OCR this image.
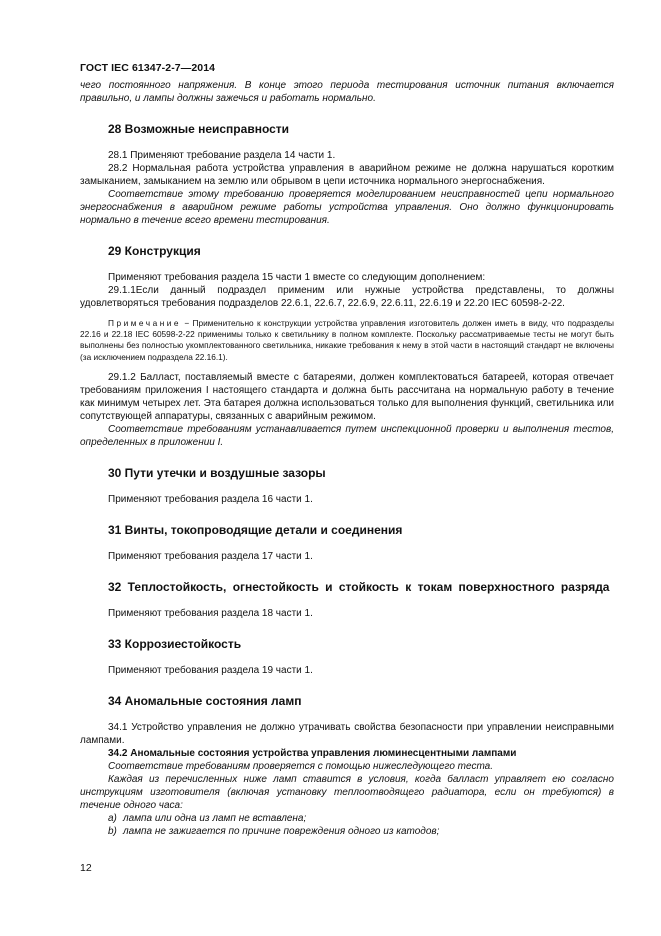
ГОСТ IEC 61347-2-7—2014

чего постоянного напряжения. В конце этого периода тестирования источник питания включается правильно, и лампы должны зажечься и работать нормально.

28 Возможные неисправности

28.1 Применяют требование раздела 14 части 1.

28.2 Нормальная работа устройства управления в аварийном режиме не должна нарушаться коротким замыканием, замыканием на землю или обрывом в цепи источника нормального энергоснабжения.

Соответствие этому требованию проверяется моделированием неисправностей цепи нормального энергоснабжения в аварийном режиме работы устройства управления. Оно должно функционировать нормально в течение всего времени тестирования.

29 Конструкция

Применяют требования раздела 15 части 1 вместе со следующим дополнением:

29.1.1Если данный подраздел применим или нужные устройства представлены, то должны удовлетворяться требования подразделов 22.6.1, 22.6.7, 22.6.9, 22.6.11, 22.6.19 и 22.20 IEC 60598-2-22.

Примечание − Применительно к конструкции устройства управления изготовитель должен иметь в виду, что подразделы 22.16 и 22.18 IEC 60598-2-22 применимы только к светильнику в полном комплекте. Поскольку рассматриваемые тесты не могут быть выполнены без полностью укомплектованного светильника, никакие требования к нему в этой части в настоящий стандарт не включены (за исключением подраздела 22.16.1).

29.1.2 Балласт, поставляемый вместе с батареями, должен комплектоваться батареей, которая отвечает требованиям приложения I настоящего стандарта и должна быть рассчитана на нормальную работу в течение как минимум четырех лет. Эта батарея должна использоваться только для выполнения функций, светильника или сопутствующей аппаратуры, связанных с аварийным режимом.

Соответствие требованиям устанавливается путем инспекционной проверки и выполнения тестов, определенных в приложении I.

30 Пути утечки и воздушные зазоры

Применяют требования раздела 16 части 1.

31 Винты, токопроводящие детали и соединения

Применяют требования раздела 17 части 1.

32 Теплостойкость, огнестойкость и стойкость к токам поверхностного разряда

Применяют требования раздела 18 части 1.

33 Коррозиестойкость

Применяют требования раздела 19 части 1.

34 Аномальные состояния ламп

34.1 Устройство управления не должно утрачивать свойства безопасности при управлении неисправными лампами.

34.2 Аномальные состояния устройства управления люминесцентными лампами

Соответствие требованиям проверяется с помощью нижеследующего теста.

Каждая из перечисленных ниже ламп ставится в условия, когда балласт управляет ею согласно инструкциям изготовителя (включая установку теплоотводящего радиатора, если он требуются) в течение одного часа:

a) лампа или одна из ламп не вставлена;

b) лампа не зажигается по причине повреждения одного из катодов;

12
